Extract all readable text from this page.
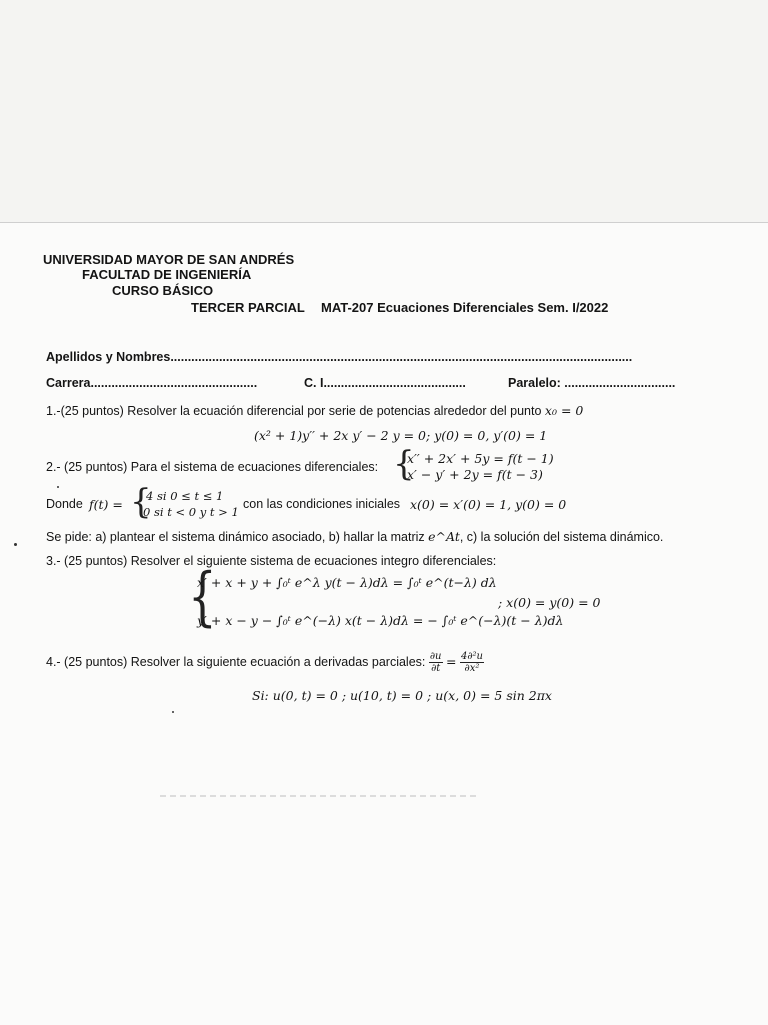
UNIVERSIDAD MAYOR DE SAN ANDRÉS
FACULTAD DE INGENIERÍA
CURSO BÁSICO
TERCER PARCIAL MAT-207 Ecuaciones Diferenciales Sem. I/2022
Apellidos y Nombres.....................................................................................................................................
Carrera................................................	C. I.........................................	Paralelo: ................................
1.-(25 puntos) Resolver la ecuación diferencial por serie de potencias alrededor del punto x₀ = 0
(x² + 1)y′′ + 2x y′ − 2 y = 0; y(0) = 0, y′(0) = 1
2.- (25 puntos) Para el sistema de ecuaciones diferenciales: {
x′′ + 2x′ + 5y = f(t − 1)
x′ − y′ + 2y = f(t − 3)
Donde f(t) = {
4 si 0 ≤ t ≤ 1
0 si t < 0 y t > 1
con las condiciones iniciales x(0) = x′(0) = 1, y(0) = 0
Se pide: a) plantear el sistema dinámico asociado, b) hallar la matriz e^At, c) la solución del sistema dinámico.
3.- (25 puntos) Resolver el siguiente sistema de ecuaciones integro diferenciales:
{
x′ + x + y + ∫₀ᵗ e^λ y(t − λ)dλ = ∫₀ᵗ e^(t−λ) dλ
y′ + x − y − ∫₀ᵗ e^(−λ) x(t − λ)dλ = − ∫₀ᵗ e^(−λ)(t − λ)dλ
; x(0) = y(0) = 0
4.- (25 puntos) Resolver la siguiente ecuación a derivadas parciales: $\frac{\partial u}{\partial t} = \frac{\text{4∂²u}}{\text{∂x²}}$
Si: u(0, t) = 0 ; u(10, t) = 0 ; u(x, 0) = 5 sin 2πx
